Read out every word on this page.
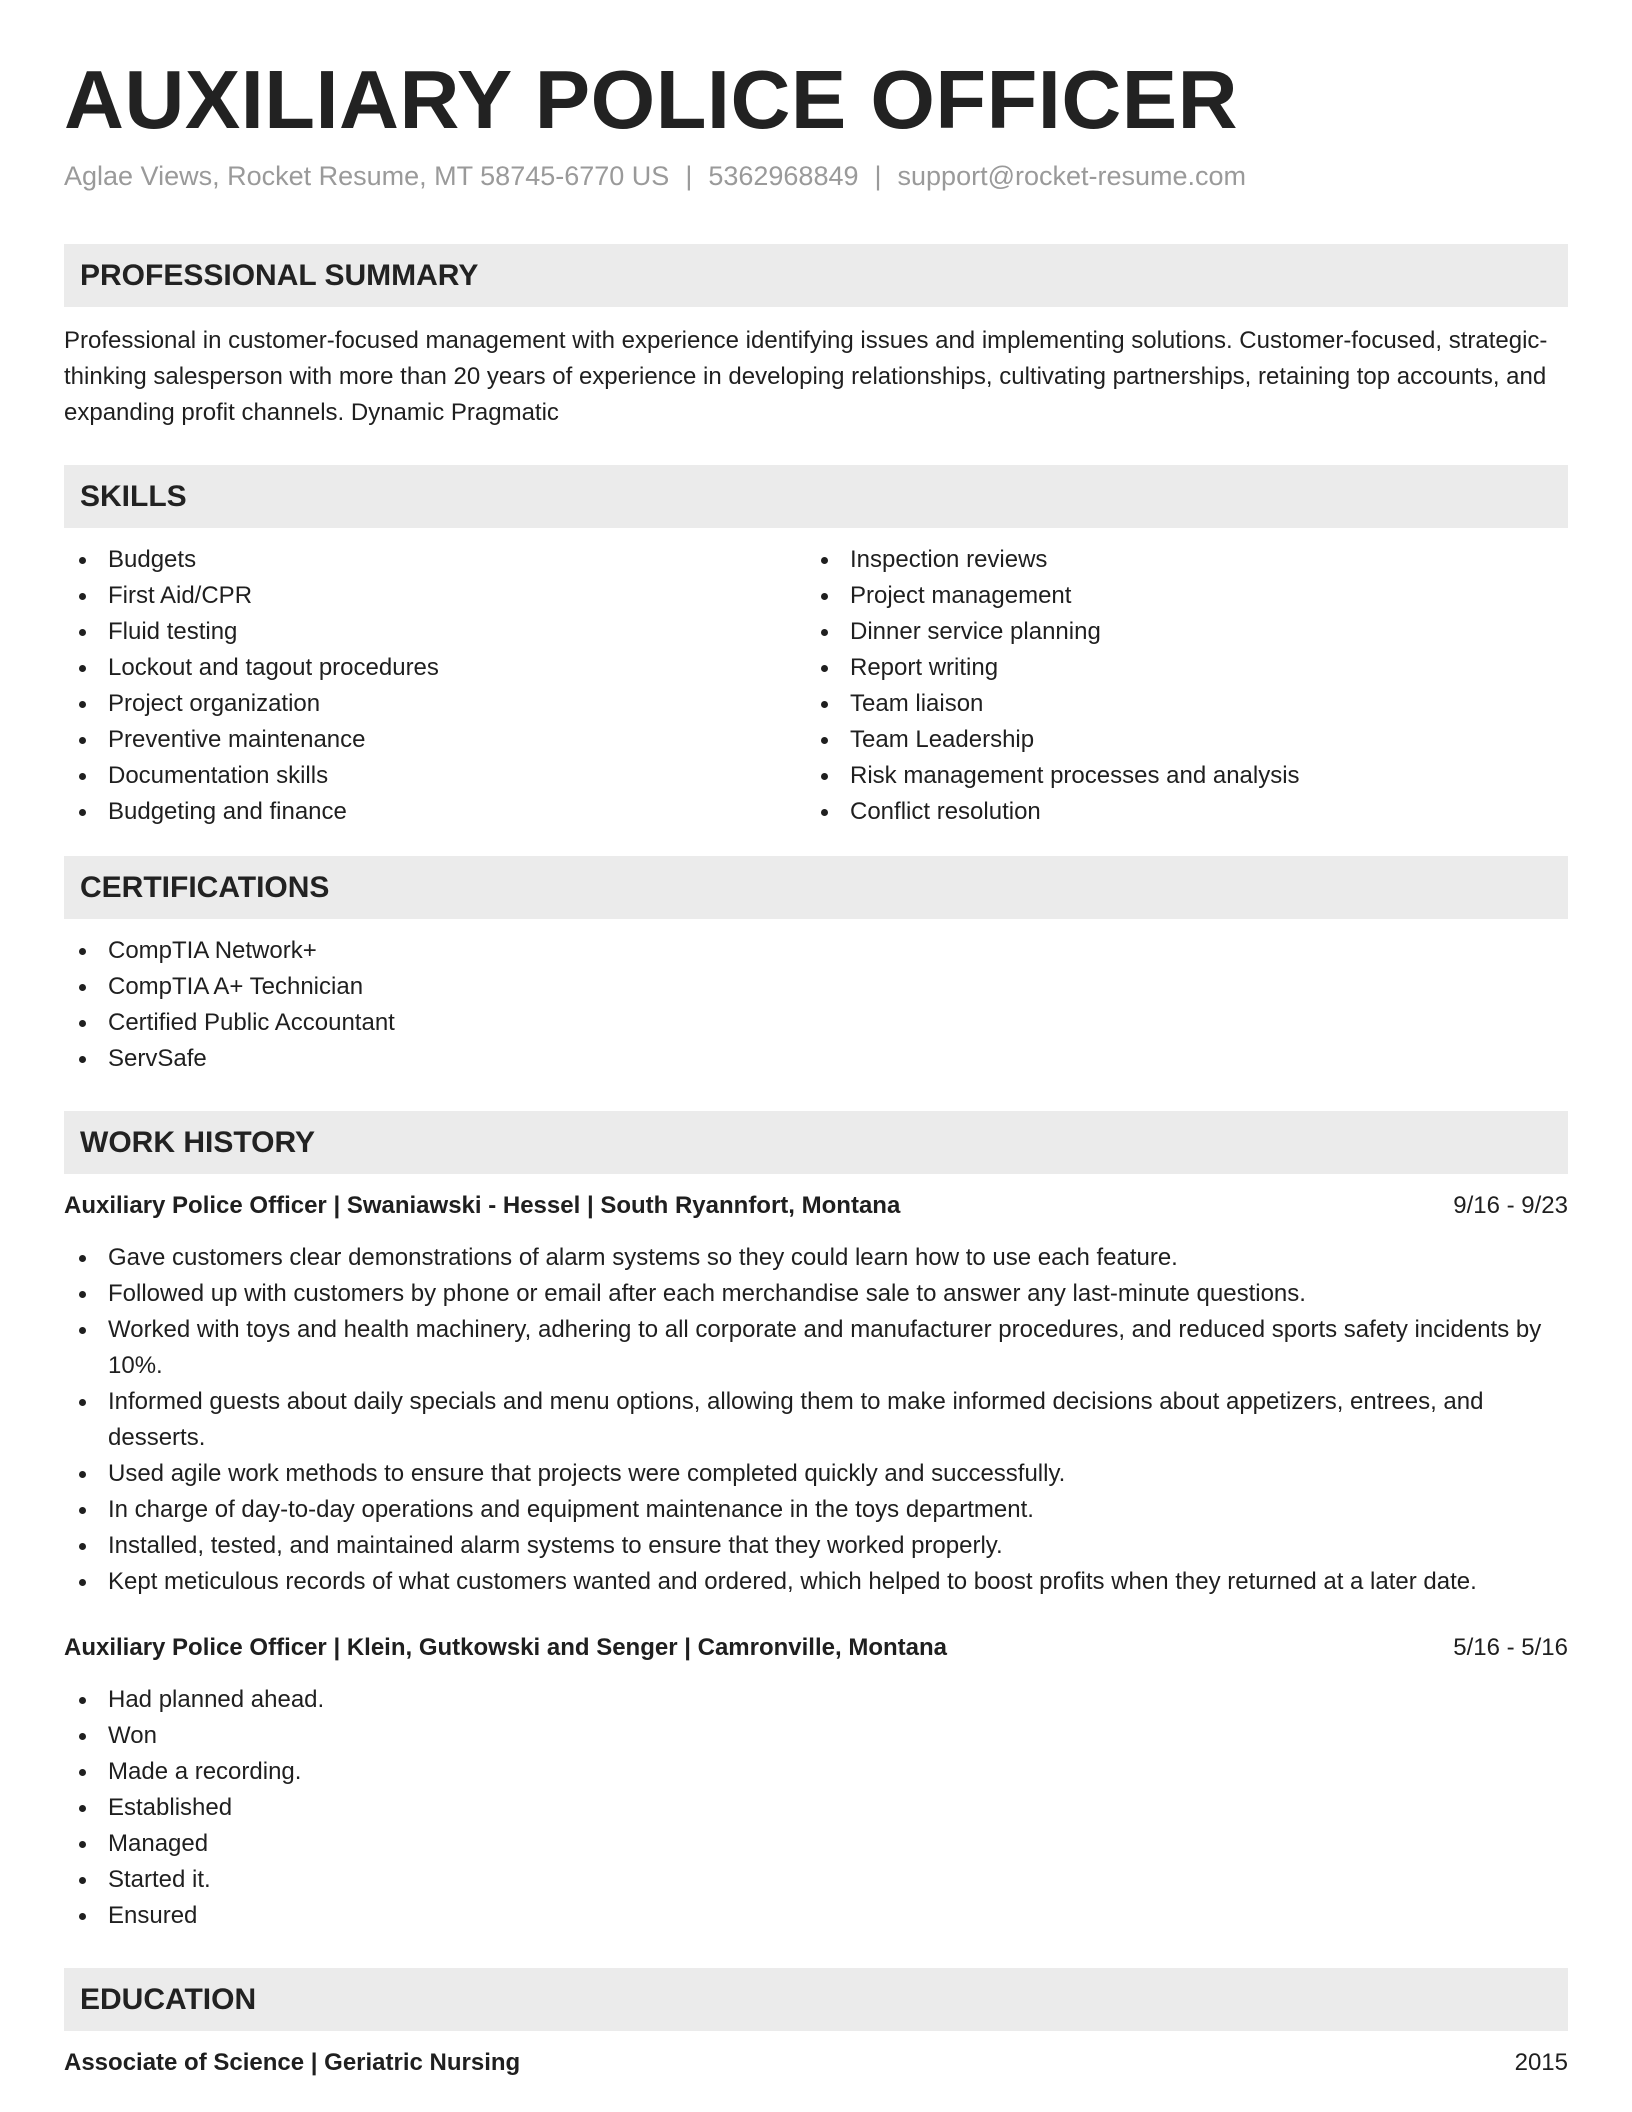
AUXILIARY POLICE OFFICER
Aglae Views, Rocket Resume, MT 58745-6770 US | 5362968849 | support@rocket-resume.com
PROFESSIONAL SUMMARY

Professional in customer-focused management with experience identifying issues and implementing solutions. Customer-focused, strategic-thinking salesperson with more than 20 years of experience in developing relationships, cultivating partnerships, retaining top accounts, and expanding profit channels. Dynamic Pragmatic

SKILLS
Budgets
First Aid/CPR
Fluid testing
Lockout and tagout procedures
Project organization
Preventive maintenance
Documentation skills
Budgeting and finance
Inspection reviews
Project management
Dinner service planning
Report writing
Team liaison
Team Leadership
Risk management processes and analysis
Conflict resolution
CERTIFICATIONS
CompTIA Network+
CompTIA A+ Technician
Certified Public Accountant
ServSafe
WORK HISTORY
Auxiliary Police Officer | Swaniawski - Hessel | South Ryannfort, Montana	9/16 - 9/23
Gave customers clear demonstrations of alarm systems so they could learn how to use each feature.
Followed up with customers by phone or email after each merchandise sale to answer any last-minute questions.
Worked with toys and health machinery, adhering to all corporate and manufacturer procedures, and reduced sports safety incidents by 10%.
Informed guests about daily specials and menu options, allowing them to make informed decisions about appetizers, entrees, and desserts.
Used agile work methods to ensure that projects were completed quickly and successfully.
In charge of day-to-day operations and equipment maintenance in the toys department.
Installed, tested, and maintained alarm systems to ensure that they worked properly.
Kept meticulous records of what customers wanted and ordered, which helped to boost profits when they returned at a later date.
Auxiliary Police Officer | Klein, Gutkowski and Senger | Camronville, Montana	5/16 - 5/16
Had planned ahead.
Won
Made a recording.
Established
Managed
Started it.
Ensured
EDUCATION
Associate of Science | Geriatric Nursing	2015
